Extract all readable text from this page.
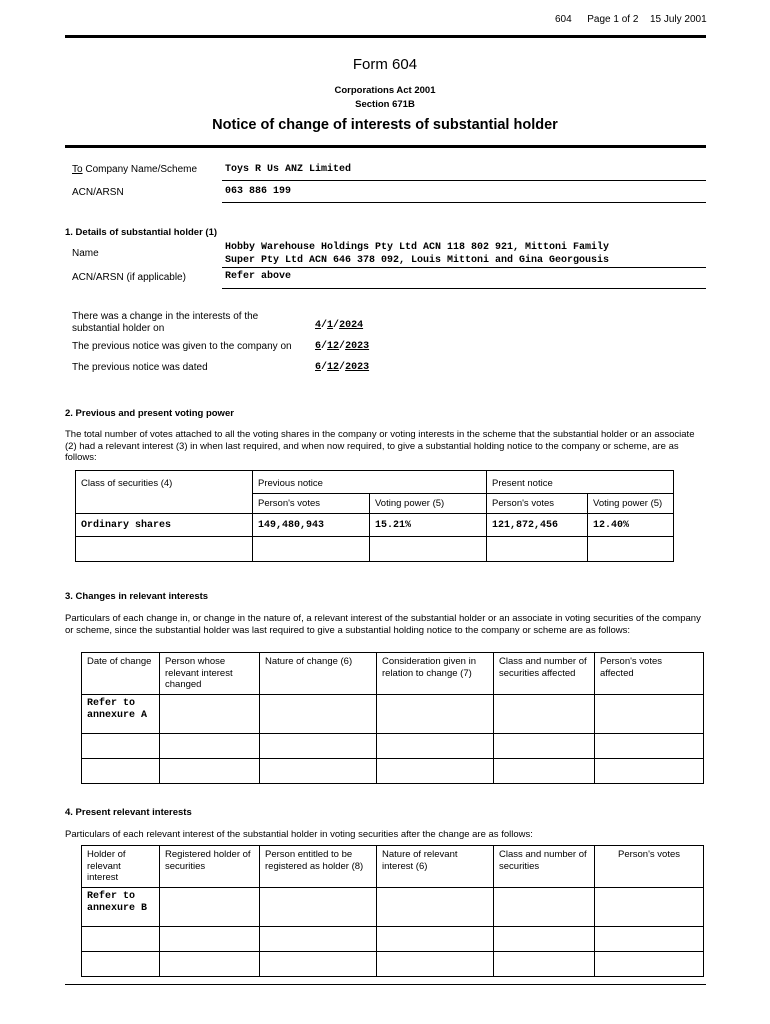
604 Page 1 of 2 15 July 2001
Form 604
Corporations Act 2001
Section 671B
Notice of change of interests of substantial holder
To Company Name/Scheme	Toys R Us ANZ Limited
ACN/ARSN	063 886 199
1. Details of substantial holder (1)
Name
Hobby Warehouse Holdings Pty Ltd ACN 118 802 921, Mittoni Family
Super Pty Ltd ACN 646 378 092, Louis Mittoni and Gina Georgousis
ACN/ARSN (if applicable)	Refer above
There was a change in the interests of the
substantial holder on	4/1/2024
The previous notice was given to the company on 6/12/2023
The previous notice was dated	6/12/2023
2. Previous and present voting power
The total number of votes attached to all the voting shares in the company or voting interests in the scheme that the substantial holder or an associate (2) had a relevant interest (3) in when last required, and when now required, to give a substantial holding notice to the company or scheme, are as follows:
Class of securities (4)	Previous notice		Present notice	
	Person's votes	Voting power (5)	Person's votes	Voting power (5)
Ordinary shares	149,480,943	15.21%	121,872,456	12.40%

3. Changes in relevant interests
Particulars of each change in, or change in the nature of, a relevant interest of the substantial holder or an associate in voting securities of the company or scheme, since the substantial holder was last required to give a substantial holding notice to the company or scheme are as follows:
Date of change	Person whose relevant interest changed	Nature of change (6)	Consideration given in relation to change (7)	Class and number of securities affected	Person's votes affected
Refer to annexure A					

4. Present relevant interests
Particulars of each relevant interest of the substantial holder in voting securities after the change are as follows:
Holder of relevant interest	Registered holder of securities	Person entitled to be registered as holder (8)	Nature of relevant interest (6)	Class and number of securities	Person's votes
Refer to annexure B					
